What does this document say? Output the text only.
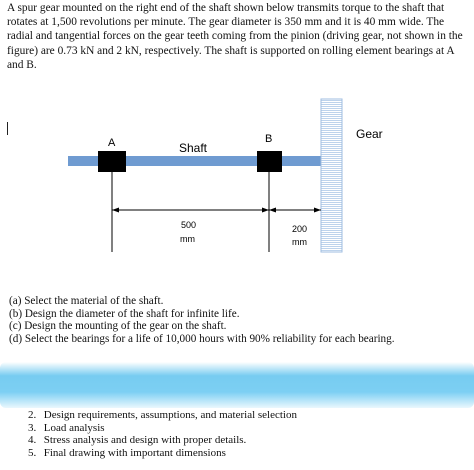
A spur gear mounted on the right end of the shaft shown below transmits torque to the shaft that rotates at 1,500 revolutions per minute. The gear diameter is 350 mm and it is 40 mm wide. The radial and tangential forces on the gear teeth coming from the pinion (driving gear, not shown in the figure) are 0.73 kN and 2 kN, respectively. The shaft is supported on rolling element bearings at A and B.

A	B
Shaft
Gear
500
mm
200
mm
(a) Select the material of the shaft.
(b) Design the diameter of the shaft for infinite life.
(c) Design the mounting of the gear on the shaft.
(d) Select the bearings for a life of 10,000 hours with 90% reliability for each bearing.
2. Design requirements, assumptions, and material selection
3. Load analysis
4. Stress analysis and design with proper details.
5. Final drawing with important dimensions
